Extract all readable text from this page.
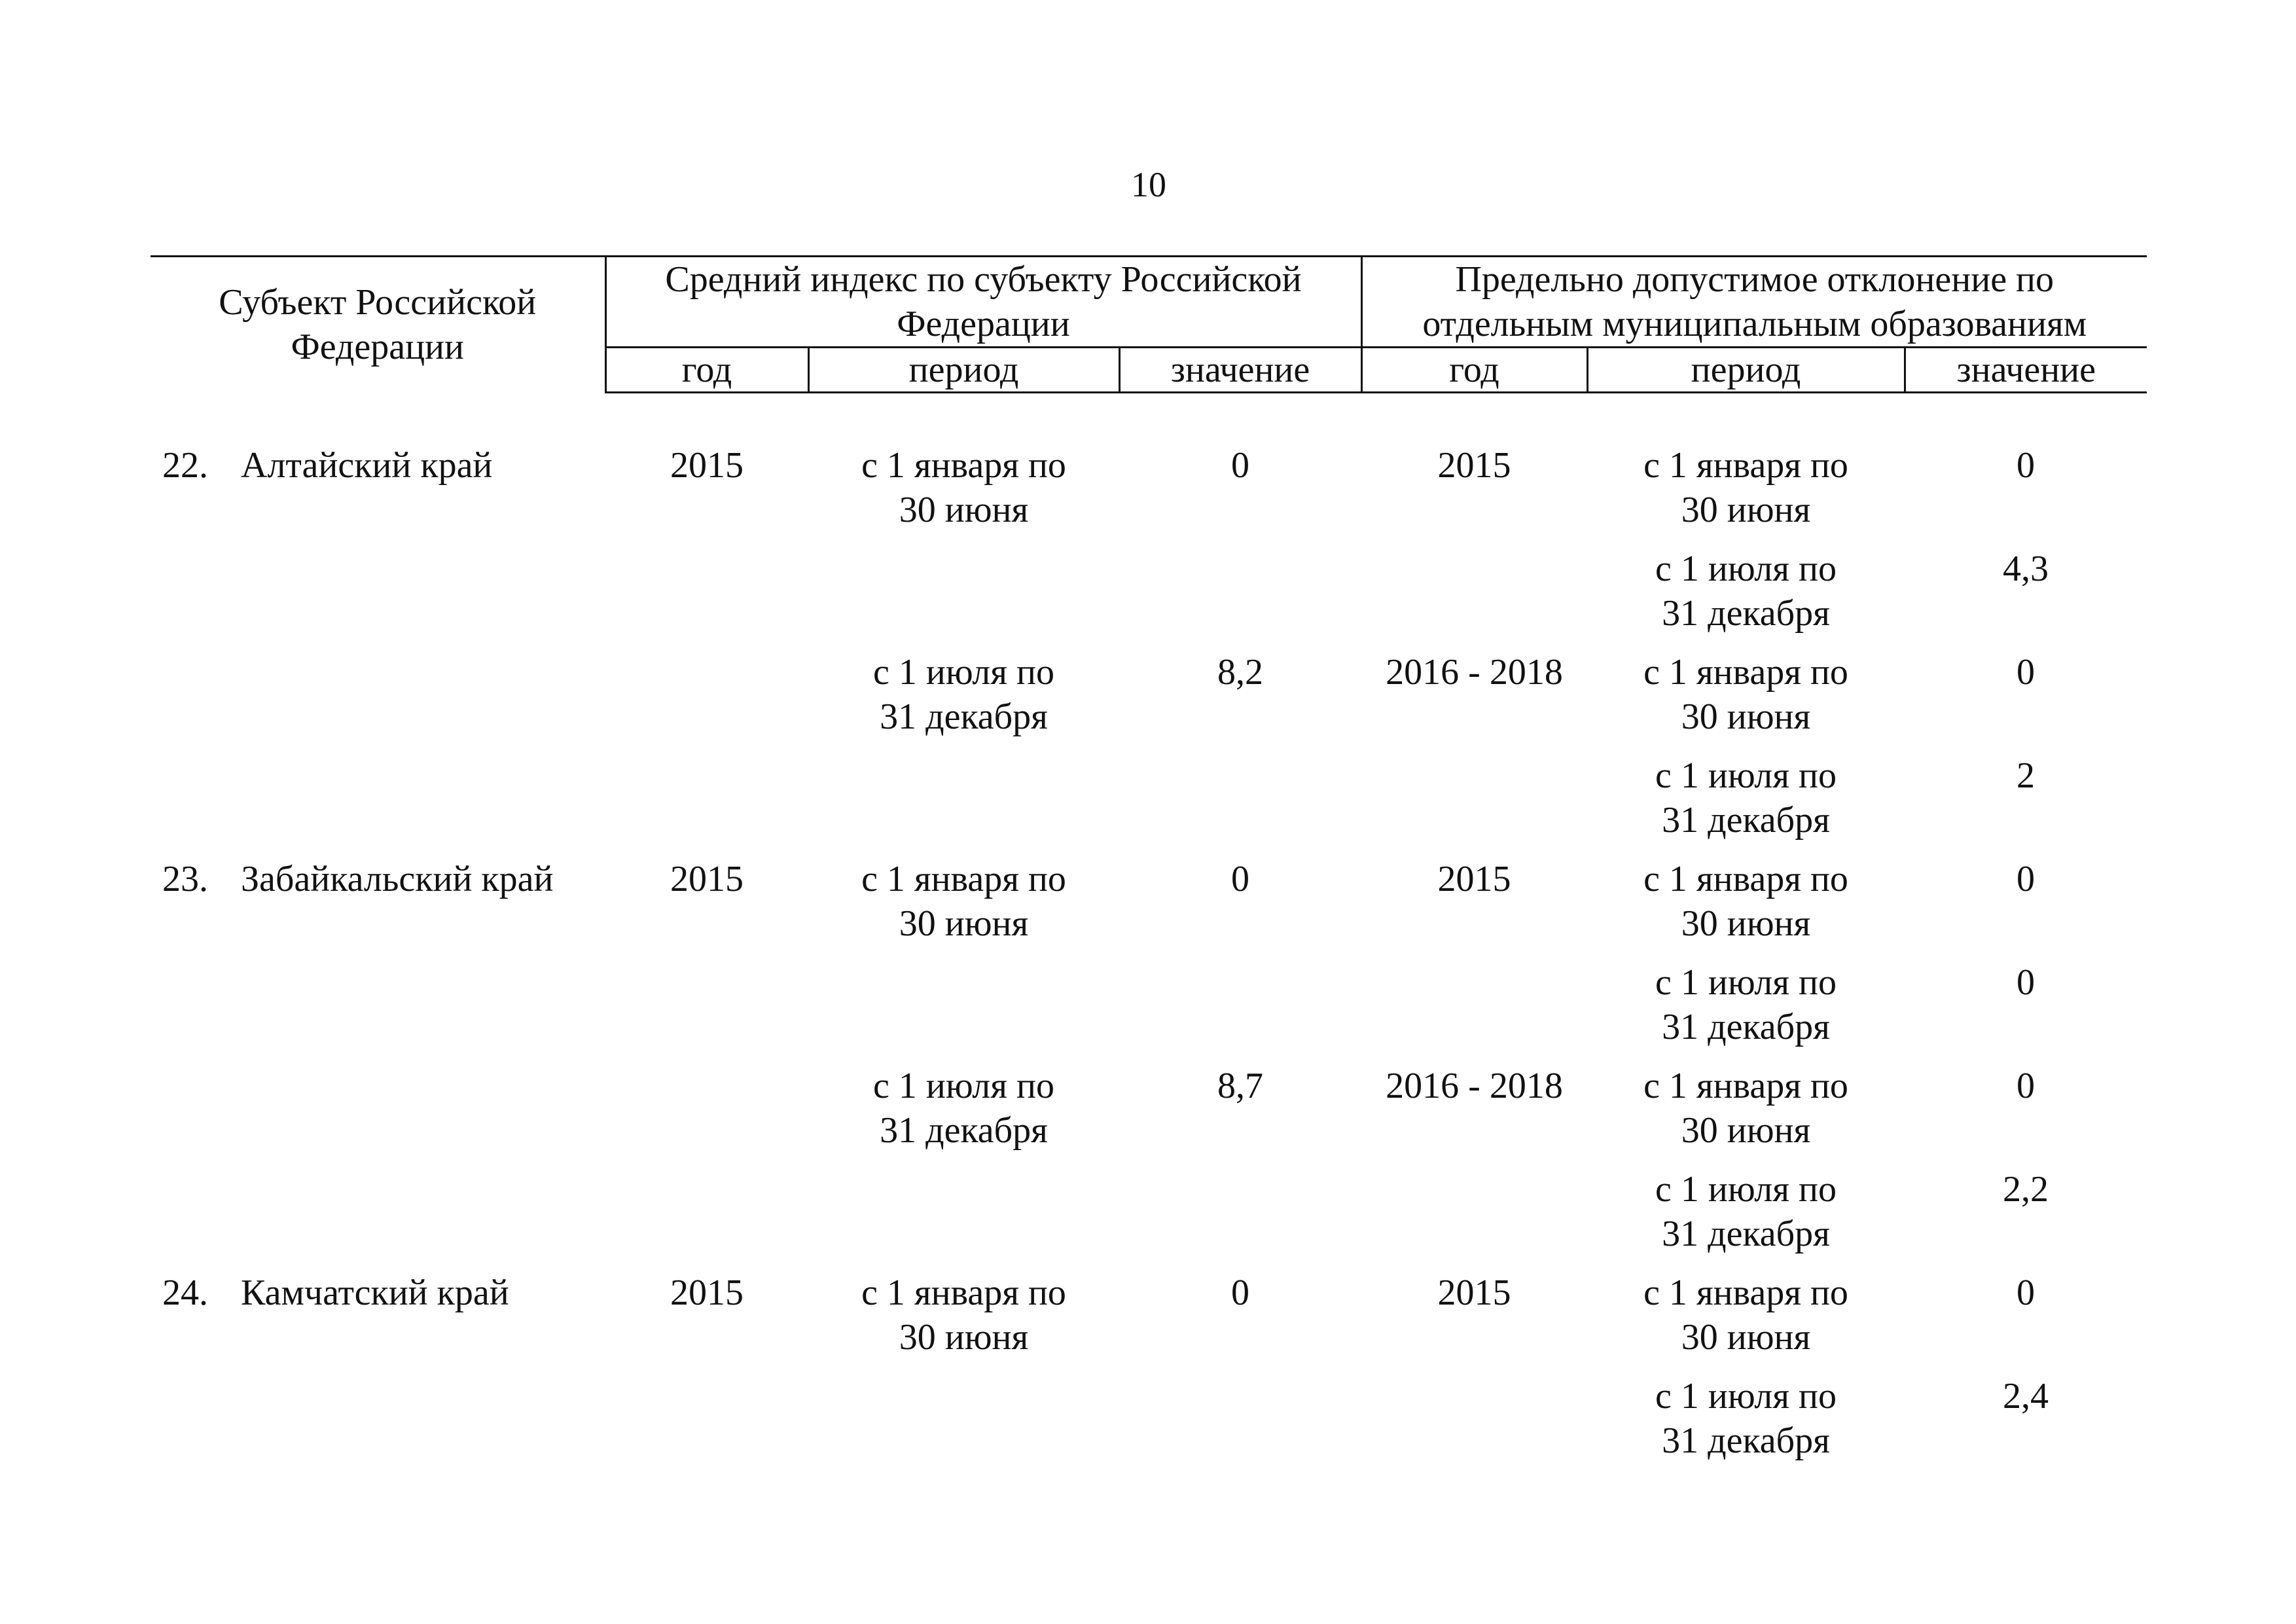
10
Субъект Российской Федерации	Средний индекс по субъекту Российской Федерации			Предельно допустимое отклонение по отдельным муниципальным образованиям		
	год	период	значение	год	период	значение

22. Алтайский край	2015	с 1 января по
30 июня	0	2015	с 1 января по
30 июня	0
					с 1 июля по
31 декабря	4,3
		с 1 июля по
31 декабря	8,2	2016 - 2018	с 1 января по
30 июня	0
					с 1 июля по
31 декабря	2
23. Забайкальский край	2015	с 1 января по
30 июня	0	2015	с 1 января по
30 июня	0
					с 1 июля по
31 декабря	0
		с 1 июля по
31 декабря	8,7	2016 - 2018	с 1 января по
30 июня	0
					с 1 июля по
31 декабря	2,2
24. Камчатский край	2015	с 1 января по
30 июня	0	2015	с 1 января по
30 июня	0
					с 1 июля по
31 декабря	2,4
